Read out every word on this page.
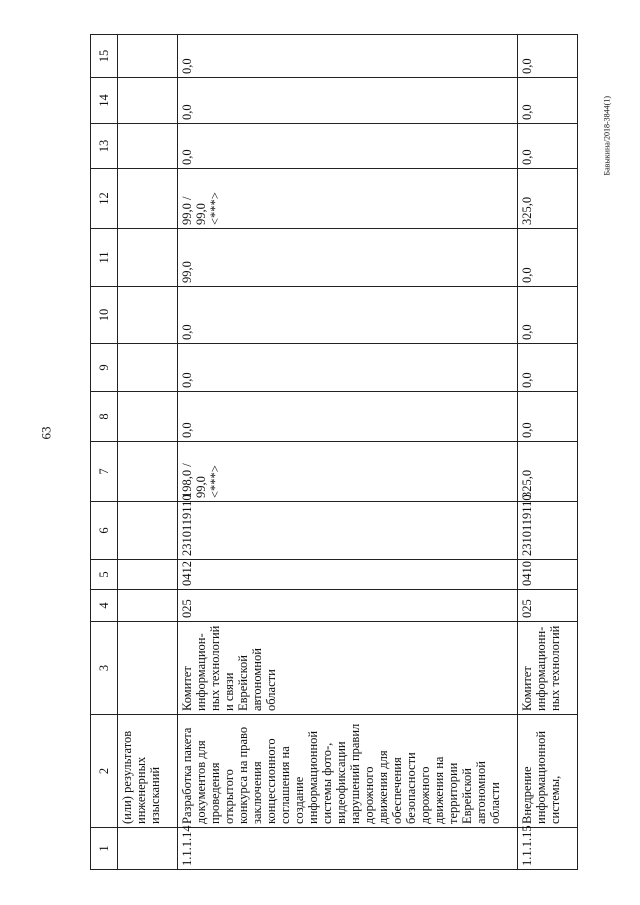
63
Бавыкина/2018-3844(1)
1	2	3	4	5	6	7	8	9	10	11	12	13	14	15
	(или) результатов инженерных изысканий													
1.1.1.14	Разработка пакета документов для проведения открытого конкурса на право заключения концессионного соглашения на создание информационной системы фото-, видеофиксации нарушений правил дорожного движения для обеспечения безопасности дорожного движения на территории Еврейской автономной области	Комитет информацион-ных технологий и связи Еврейской автономной области	025	0412	2310119110	198,0 / 99,0 <***>	0,0	0,0	0,0	99,0	99,0 / 99,0 <***>	0,0	0,0	0,0
1.1.1.15	Внедрение информационной системы,	Комитет информационн-ных технологий	025	0410	2310119110	325,0	0,0	0,0	0,0	0,0	325,0	0,0	0,0	0,0
